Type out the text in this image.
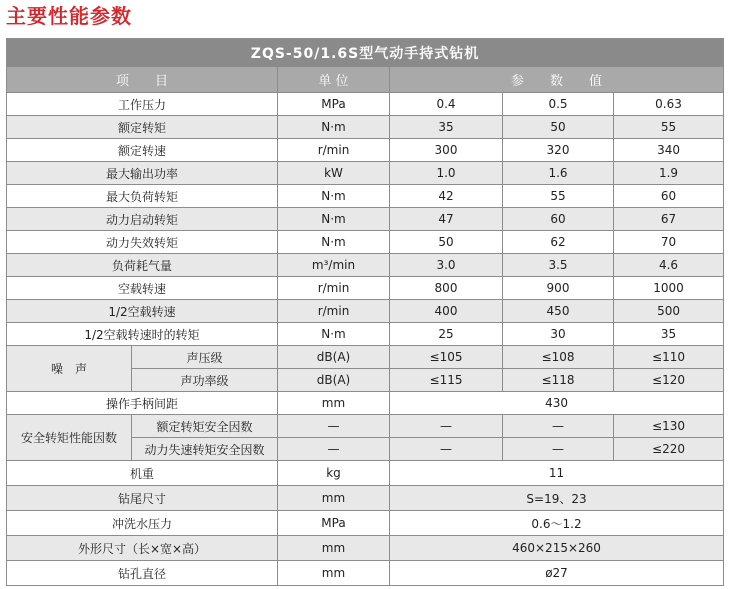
主要性能参数
ZQS-50/1.6S型气动手持式钻机					
项　　目		单 位	参　　数　　值		
工作压力		MPa	0.4	0.5	0.63
额定转矩		N·m	35	50	55
额定转速		r/min	300	320	340
最大输出功率		kW	1.0	1.6	1.9
最大负荷转矩		N·m	42	55	60
动力启动转矩		N·m	47	60	67
动力失效转矩		N·m	50	62	70
负荷耗气量		m³/min	3.0	3.5	4.6
空载转速		r/min	800	900	1000
1/2空载转速		r/min	400	450	500
1/2空载转速时的转矩		N·m	25	30	35
噪　声	声压级	dB(A)	≤105	≤108	≤110
	声功率级	dB(A)	≤115	≤118	≤120
操作手柄间距		mm	430		
安全转矩性能因数	额定转矩安全因数	—	—	—	≤130
	动力失速转矩安全因数	—	—	—	≤220
机重		kg	11		
钻尾尺寸		mm	S=19、23		
冲洗水压力		MPa	0.6～1.2		
外形尺寸（长×宽×高）		mm	460×215×260		
钻孔直径		mm	ø27		
